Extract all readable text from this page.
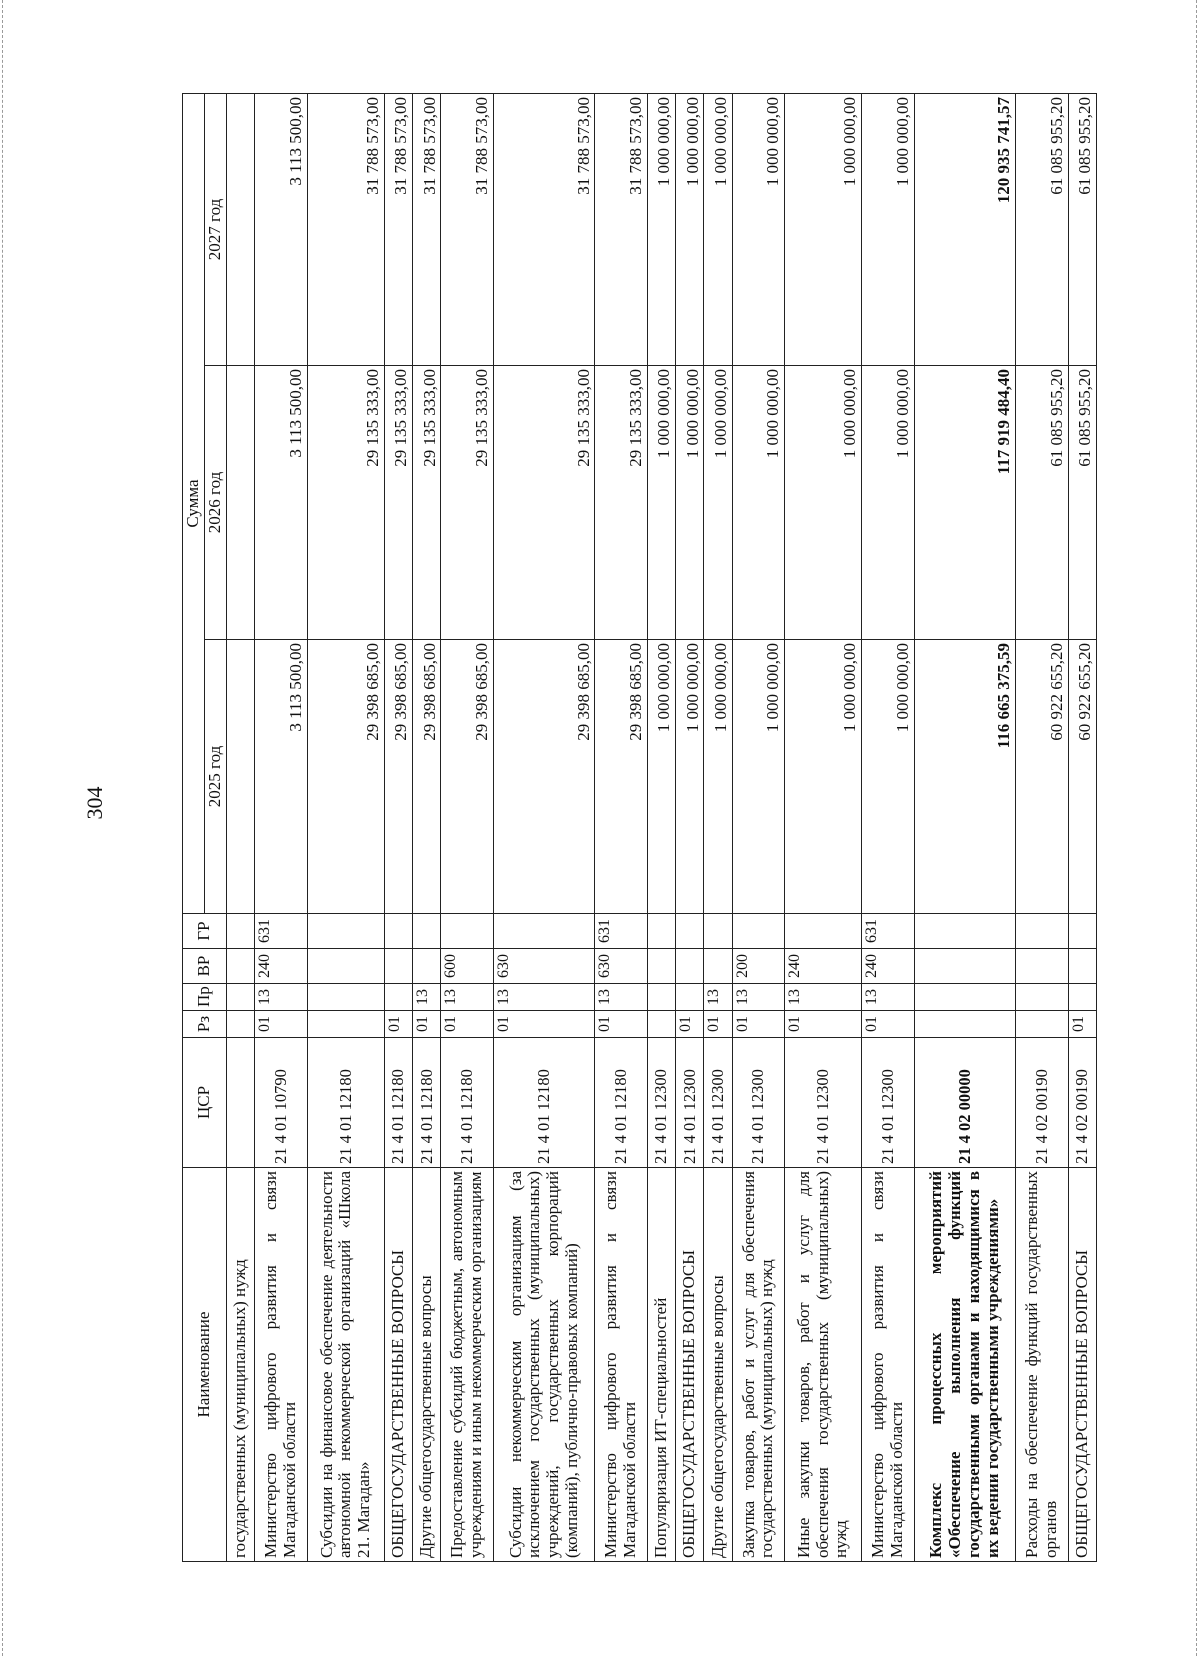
304
Наименование	ЦСР	Рз	Пр	ВР	ГР	Сумма		
						2025 год	2026 год	2027 год
государственных (муниципальных) нужд								
Министерство цифрового развития и связи Магаданской области	21 4 01 10790	01	13	240	631	3 113 500,00	3 113 500,00	3 113 500,00
Субсидии на финансовое обеспечение деятельности автономной некоммерческой организаций «Школа 21. Магадан»	21 4 01 12180					29 398 685,00	29 135 333,00	31 788 573,00
ОБЩЕГОСУДАРСТВЕННЫЕ ВОПРОСЫ	21 4 01 12180	01				29 398 685,00	29 135 333,00	31 788 573,00
Другие общегосударственные вопросы	21 4 01 12180	01	13			29 398 685,00	29 135 333,00	31 788 573,00
Предоставление субсидий бюджетным, автономным учреждениям и иным некоммерческим организациям	21 4 01 12180	01	13	600		29 398 685,00	29 135 333,00	31 788 573,00
Субсидии некоммерческим организациям (за исключением государственных (муниципальных) учреждений, государственных корпораций (компаний), публично-правовых компаний)	21 4 01 12180	01	13	630		29 398 685,00	29 135 333,00	31 788 573,00
Министерство цифрового развития и связи Магаданской области	21 4 01 12180	01	13	630	631	29 398 685,00	29 135 333,00	31 788 573,00
Популяризация ИТ-специальностей	21 4 01 12300					1 000 000,00	1 000 000,00	1 000 000,00
ОБЩЕГОСУДАРСТВЕННЫЕ ВОПРОСЫ	21 4 01 12300	01				1 000 000,00	1 000 000,00	1 000 000,00
Другие общегосударственные вопросы	21 4 01 12300	01	13			1 000 000,00	1 000 000,00	1 000 000,00
Закупка товаров, работ и услуг для обеспечения государственных (муниципальных) нужд	21 4 01 12300	01	13	200		1 000 000,00	1 000 000,00	1 000 000,00
Иные закупки товаров, работ и услуг для обеспечения государственных (муниципальных) нужд	21 4 01 12300	01	13	240		1 000 000,00	1 000 000,00	1 000 000,00
Министерство цифрового развития и связи Магаданской области	21 4 01 12300	01	13	240	631	1 000 000,00	1 000 000,00	1 000 000,00
Комплекс процессных мероприятий «Обеспечение выполнения функций государственными органами и находящимися в их ведении государственными учреждениями»	21 4 02 00000					116 665 375,59	117 919 484,40	120 935 741,57
Расходы на обеспечение функций государственных органов	21 4 02 00190					60 922 655,20	61 085 955,20	61 085 955,20
ОБЩЕГОСУДАРСТВЕННЫЕ ВОПРОСЫ	21 4 02 00190	01				60 922 655,20	61 085 955,20	61 085 955,20
